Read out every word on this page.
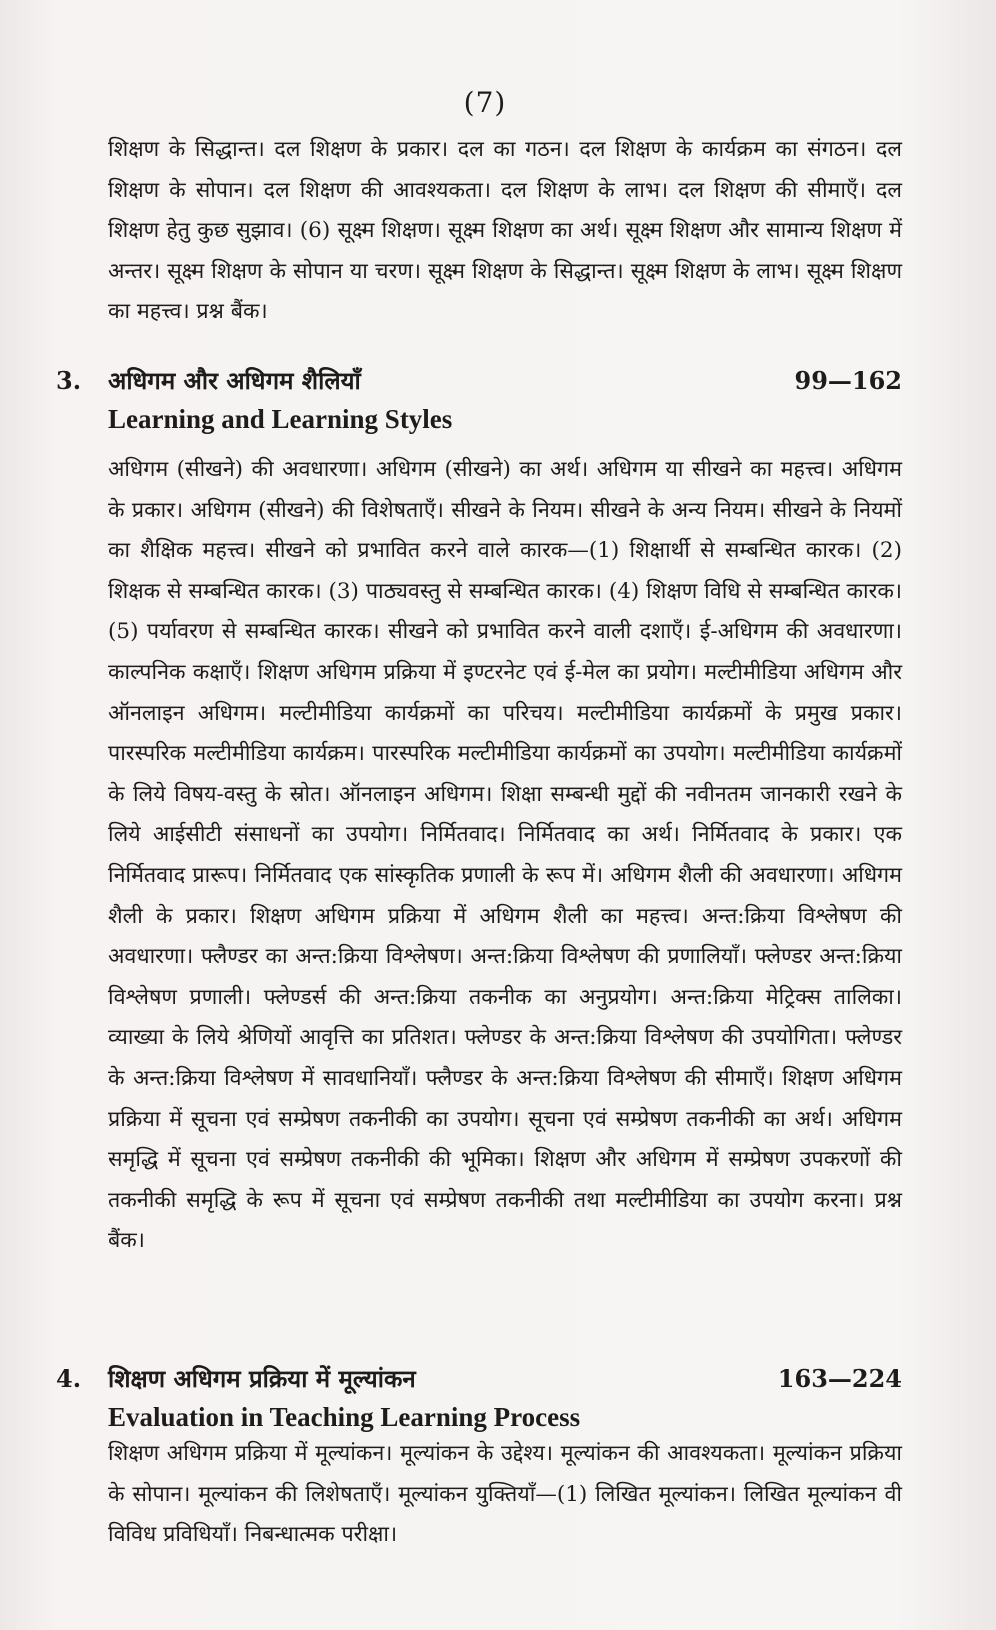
(7)

शिक्षण के सिद्धान्त। दल शिक्षण के प्रकार। दल का गठन। दल शिक्षण के कार्यक्रम का संगठन। दल शिक्षण के सोपान। दल शिक्षण की आवश्यकता। दल शिक्षण के लाभ। दल शिक्षण की सीमाएँ। दल शिक्षण हेतु कुछ सुझाव। (6) सूक्ष्म शिक्षण। सूक्ष्म शिक्षण का अर्थ। सूक्ष्म शिक्षण और सामान्य शिक्षण में अन्तर। सूक्ष्म शिक्षण के सोपान या चरण। सूक्ष्म शिक्षण के सिद्धान्त। सूक्ष्म शिक्षण के लाभ। सूक्ष्म शिक्षण का महत्त्व। प्रश्न बैंक।

3. अधिगम और अधिगम शैलियाँ	99—162
Learning and Learning Styles

अधिगम (सीखने) की अवधारणा। अधिगम (सीखने) का अर्थ। अधिगम या सीखने का महत्त्व। अधिगम के प्रकार। अधिगम (सीखने) की विशेषताएँ। सीखने के नियम। सीखने के अन्य नियम। सीखने के नियमों का शैक्षिक महत्त्व। सीखने को प्रभावित करने वाले कारक—(1) शिक्षार्थी से सम्बन्धित कारक। (2) शिक्षक से सम्बन्धित कारक। (3) पाठ्यवस्तु से सम्बन्धित कारक। (4) शिक्षण विधि से सम्बन्धित कारक। (5) पर्यावरण से सम्बन्धित कारक। सीखने को प्रभावित करने वाली दशाएँ। ई-अधिगम की अवधारणा। काल्पनिक कक्षाएँ। शिक्षण अधिगम प्रक्रिया में इण्टरनेट एवं ई-मेल का प्रयोग। मल्टीमीडिया अधिगम और ऑनलाइन अधिगम। मल्टीमीडिया कार्यक्रमों का परिचय। मल्टीमीडिया कार्यक्रमों के प्रमुख प्रकार। पारस्परिक मल्टीमीडिया कार्यक्रम। पारस्परिक मल्टीमीडिया कार्यक्रमों का उपयोग। मल्टीमीडिया कार्यक्रमों के लिये विषय-वस्तु के स्रोत। ऑनलाइन अधिगम। शिक्षा सम्बन्धी मुद्दों की नवीनतम जानकारी रखने के लिये आईसीटी संसाधनों का उपयोग। निर्मितवाद। निर्मितवाद का अर्थ। निर्मितवाद के प्रकार। एक निर्मितवाद प्रारूप। निर्मितवाद एक सांस्कृतिक प्रणाली के रूप में। अधिगम शैली की अवधारणा। अधिगम शैली के प्रकार। शिक्षण अधिगम प्रक्रिया में अधिगम शैली का महत्त्व। अन्त:क्रिया विश्लेषण की अवधारणा। फ्लैण्डर का अन्त:क्रिया विश्लेषण। अन्त:क्रिया विश्लेषण की प्रणालियाँ। फ्लेण्डर अन्त:क्रिया विश्लेषण प्रणाली। फ्लेण्डर्स की अन्त:क्रिया तकनीक का अनुप्रयोग। अन्त:क्रिया मेट्रिक्स तालिका। व्याख्या के लिये श्रेणियों आवृत्ति का प्रतिशत। फ्लेण्डर के अन्त:क्रिया विश्लेषण की उपयोगिता। फ्लेण्डर के अन्त:क्रिया विश्लेषण में सावधानियाँ। फ्लैण्डर के अन्त:क्रिया विश्लेषण की सीमाएँ। शिक्षण अधिगम प्रक्रिया में सूचना एवं सम्प्रेषण तकनीकी का उपयोग। सूचना एवं सम्प्रेषण तकनीकी का अर्थ। अधिगम समृद्धि में सूचना एवं सम्प्रेषण तकनीकी की भूमिका। शिक्षण और अधिगम में सम्प्रेषण उपकरणों की तकनीकी समृद्धि के रूप में सूचना एवं सम्प्रेषण तकनीकी तथा मल्टीमीडिया का उपयोग करना। प्रश्न बैंक।

4. शिक्षण अधिगम प्रक्रिया में मूल्यांकन	163—224
Evaluation in Teaching Learning Process

शिक्षण अधिगम प्रक्रिया में मूल्यांकन। मूल्यांकन के उद्देश्य। मूल्यांकन की आवश्यकता। मूल्यांकन प्रक्रिया के सोपान। मूल्यांकन की लिशेषताएँ। मूल्यांकन युक्तियाँ—(1) लिखित मूल्यांकन। लिखित मूल्यांकन वी विविध प्रविधियाँ। निबन्धात्मक परीक्षा।
